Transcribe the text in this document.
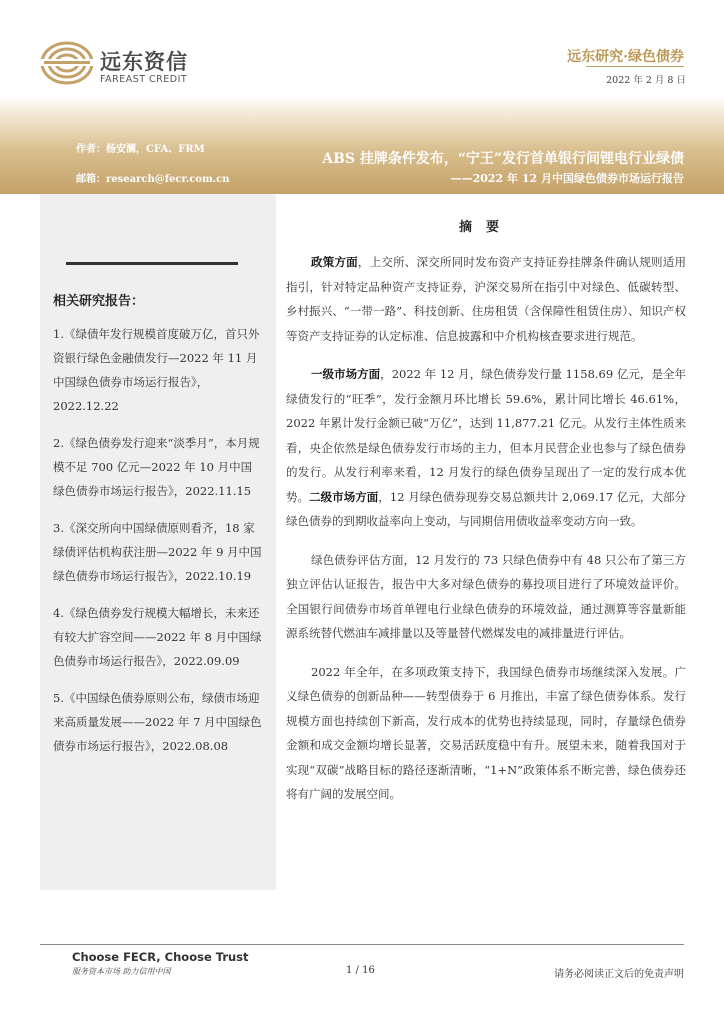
远东资信
FAREAST CREDIT
远东研究·绿色债券
2022 年 2 月 8 日
作者：杨安澜，CFA、FRM
邮箱：research@fecr.com.cn
ABS 挂牌条件发布，“宁王”发行首单银行间锂电行业绿债
——2022 年 12 月中国绿色债券市场运行报告
相关研究报告：
1.《绿债年发行规模首度破万亿，首只外资银行绿色金融债发行—2022 年 11 月中国绿色债券市场运行报告》，2022.12.22
2.《绿色债券发行迎来“淡季月”，本月规模不足 700 亿元—2022 年 10 月中国绿色债券市场运行报告》，2022.11.15
3.《深交所向中国绿债原则看齐，18 家绿债评估机构获注册—2022 年 9 月中国绿色债券市场运行报告》，2022.10.19
4.《绿色债券发行规模大幅增长，未来还有较大扩容空间——2022 年 8 月中国绿色债券市场运行报告》，2022.09.09
5.《中国绿色债券原则公布，绿债市场迎来高质量发展——2022 年 7 月中国绿色债券市场运行报告》，2022.08.08
摘要

政策方面，上交所、深交所同时发布资产支持证券挂牌条件确认规则适用指引，针对特定品种资产支持证券，沪深交易所在指引中对绿色、低碳转型、乡村振兴、“一带一路”、科技创新、住房租赁（含保障性租赁住房）、知识产权等资产支持证券的认定标准、信息披露和中介机构核查要求进行规范。

一级市场方面，2022 年 12 月，绿色债券发行量 1158.69 亿元，是全年绿债发行的“旺季”，发行金额月环比增长 59.6%，累计同比增长 46.61%，2022 年累计发行金额已破“万亿”，达到 11,877.21 亿元。从发行主体性质来看，央企依然是绿色债券发行市场的主力，但本月民营企业也参与了绿色债券的发行。从发行利率来看，12 月发行的绿色债券呈现出了一定的发行成本优势。二级市场方面，12 月绿色债券现券交易总额共计 2,069.17 亿元，大部分绿色债券的到期收益率向上变动，与同期信用债收益率变动方向一致。

绿色债券评估方面，12 月发行的 73 只绿色债券中有 48 只公布了第三方独立评估认证报告，报告中大多对绿色债券的募投项目进行了环境效益评价。全国银行间债券市场首单锂电行业绿色债券的环境效益，通过测算等容量新能源系统替代燃油车减排量以及等量替代燃煤发电的减排量进行评估。

2022 年全年，在多项政策支持下，我国绿色债券市场继续深入发展。广义绿色债券的创新品种——转型债券于 6 月推出，丰富了绿色债券体系。发行规模方面也持续创下新高，发行成本的优势也持续显现，同时，存量绿色债券金额和成交金额均增长显著，交易活跃度稳中有升。展望未来，随着我国对于实现“双碳”战略目标的路径逐渐清晰，“1+N”政策体系不断完善，绿色债券还将有广阔的发展空间。

Choose FECR, Choose Trust
服务资本市场 助力信用中国	1 / 16	请务必阅读正文后的免责声明
